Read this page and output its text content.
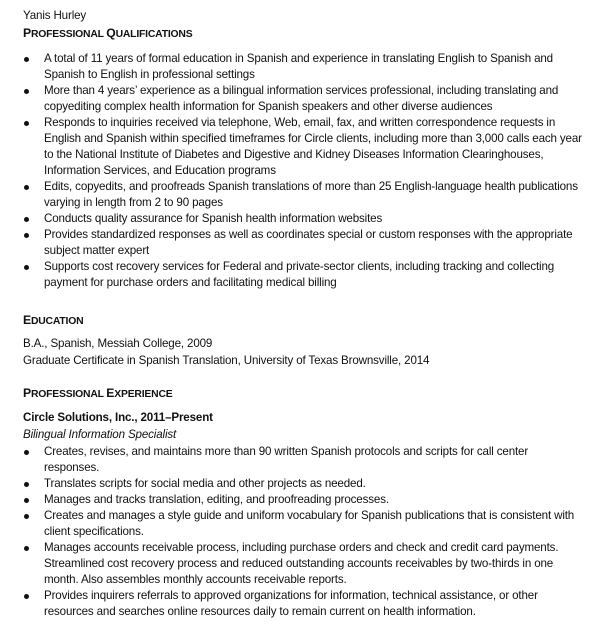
Yanis Hurley
PROFESSIONAL QUALIFICATIONS
A total of 11 years of formal education in Spanish and experience in translating English to Spanish and Spanish to English in professional settings
More than 4 years’ experience as a bilingual information services professional, including translating and copyediting complex health information for Spanish speakers and other diverse audiences
Responds to inquiries received via telephone, Web, email, fax, and written correspondence requests in English and Spanish within specified timeframes for Circle clients, including more than 3,000 calls each year to the National Institute of Diabetes and Digestive and Kidney Diseases Information Clearinghouses, Information Services, and Education programs
Edits, copyedits, and proofreads Spanish translations of more than 25 English-language health publications varying in length from 2 to 90 pages
Conducts quality assurance for Spanish health information websites
Provides standardized responses as well as coordinates special or custom responses with the appropriate subject matter expert
Supports cost recovery services for Federal and private-sector clients, including tracking and collecting payment for purchase orders and facilitating medical billing
EDUCATION
B.A., Spanish, Messiah College, 2009
Graduate Certificate in Spanish Translation, University of Texas Brownsville, 2014
PROFESSIONAL EXPERIENCE
Circle Solutions, Inc., 2011–Present
Bilingual Information Specialist
Creates, revises, and maintains more than 90 written Spanish protocols and scripts for call center responses.
Translates scripts for social media and other projects as needed.
Manages and tracks translation, editing, and proofreading processes.
Creates and manages a style guide and uniform vocabulary for Spanish publications that is consistent with client specifications.
Manages accounts receivable process, including purchase orders and check and credit card payments. Streamlined cost recovery process and reduced outstanding accounts receivables by two-thirds in one month. Also assembles monthly accounts receivable reports.
Provides inquirers referrals to approved organizations for information, technical assistance, or other resources and searches online resources daily to remain current on health information.
